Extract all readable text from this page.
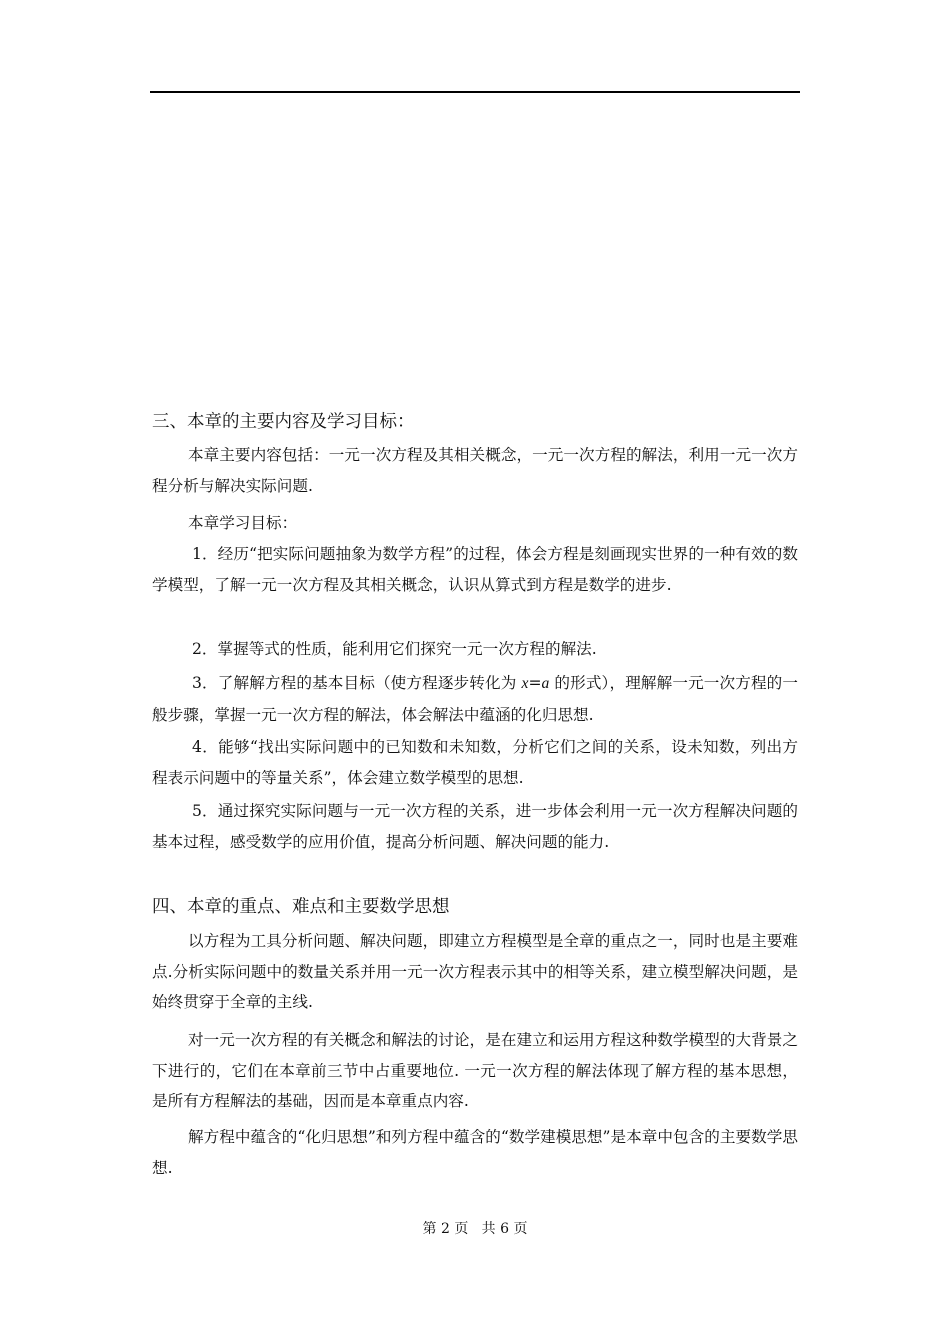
三、本章的主要内容及学习目标：
本章主要内容包括：一元一次方程及其相关概念，一元一次方程的解法，利用一元一次方程分析与解决实际问题.
本章学习目标：
1．经历“把实际问题抽象为数学方程”的过程，体会方程是刻画现实世界的一种有效的数学模型，了解一元一次方程及其相关概念，认识从算式到方程是数学的进步.
2．掌握等式的性质，能利用它们探究一元一次方程的解法.
3．了解解方程的基本目标（使方程逐步转化为 x=a 的形式），理解解一元一次方程的一般步骤，掌握一元一次方程的解法，体会解法中蕴涵的化归思想.
4．能够“找出实际问题中的已知数和未知数，分析它们之间的关系，设未知数，列出方程表示问题中的等量关系”，体会建立数学模型的思想.
5．通过探究实际问题与一元一次方程的关系，进一步体会利用一元一次方程解决问题的基本过程，感受数学的应用价值，提高分析问题、解决问题的能力.
四、本章的重点、难点和主要数学思想
以方程为工具分析问题、解决问题，即建立方程模型是全章的重点之一，同时也是主要难点.分析实际问题中的数量关系并用一元一次方程表示其中的相等关系，建立模型解决问题，是始终贯穿于全章的主线.
对一元一次方程的有关概念和解法的讨论，是在建立和运用方程这种数学模型的大背景之下进行的，它们在本章前三节中占重要地位. 一元一次方程的解法体现了解方程的基本思想，是所有方程解法的基础，因而是本章重点内容.
解方程中蕴含的“化归思想”和列方程中蕴含的“数学建模思想”是本章中包含的主要数学思想.
第 2 页   共 6 页
